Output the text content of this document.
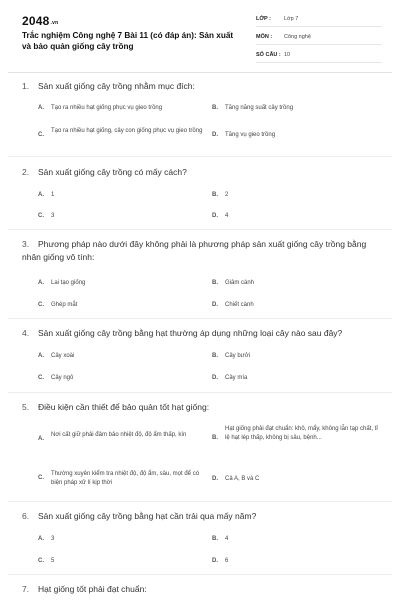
2048.vn
Trắc nghiệm Công nghệ 7 Bài 11 (có đáp án): Sản xuất và bảo quản giống cây trồng
LỚP : Lớp 7
MÔN : Công nghệ
SỐ CÂU : 10
1. Sản xuất giống cây trồng nhằm mục đích:
A. Tạo ra nhiều hạt giống phục vụ gieo trồng	B. Tăng năng suất cây trồng
C.
Tạo ra nhiều hạt giống, cây con giống phục vụ gieo trồng
D. Tăng vụ gieo trồng
2. Sản xuất giống cây trồng có mấy cách?
A. 1	B. 2
C. 3	D. 4
3. Phương pháp nào dưới đây không phải là phương pháp sản xuất giống cây trồng bằng nhân giống vô tính:
A. Lai tạo giống	B. Giâm cành
C. Ghép mắt	D. Chiết cành
4. Sản xuất giống cây trồng bằng hạt thường áp dụng những loại cây nào sau đây?
A. Cây xoài	B. Cây bưởi
C. Cây ngô	D. Cây mía
5. Điều kiện cần thiết để bảo quản tốt hạt giống:
A.
Nơi cất giữ phải đảm bảo nhiệt độ, độ ẩm thấp, kín	B.
Hạt giống phải đạt chuẩn: khô, mẩy, không lẫn tạp chất, tỉ lệ hạt lép thấp, không bị sâu, bệnh...
C.
Thường xuyên kiểm tra nhiệt độ, độ ẩm, sâu, mọt để có biện pháp xử lí kịp thời
D. Cả A, B và C
6. Sản xuất giống cây trồng bằng hạt cần trải qua mấy năm?
A. 3	B. 4
C. 5	D. 6
7. Hạt giống tốt phải đạt chuẩn:
